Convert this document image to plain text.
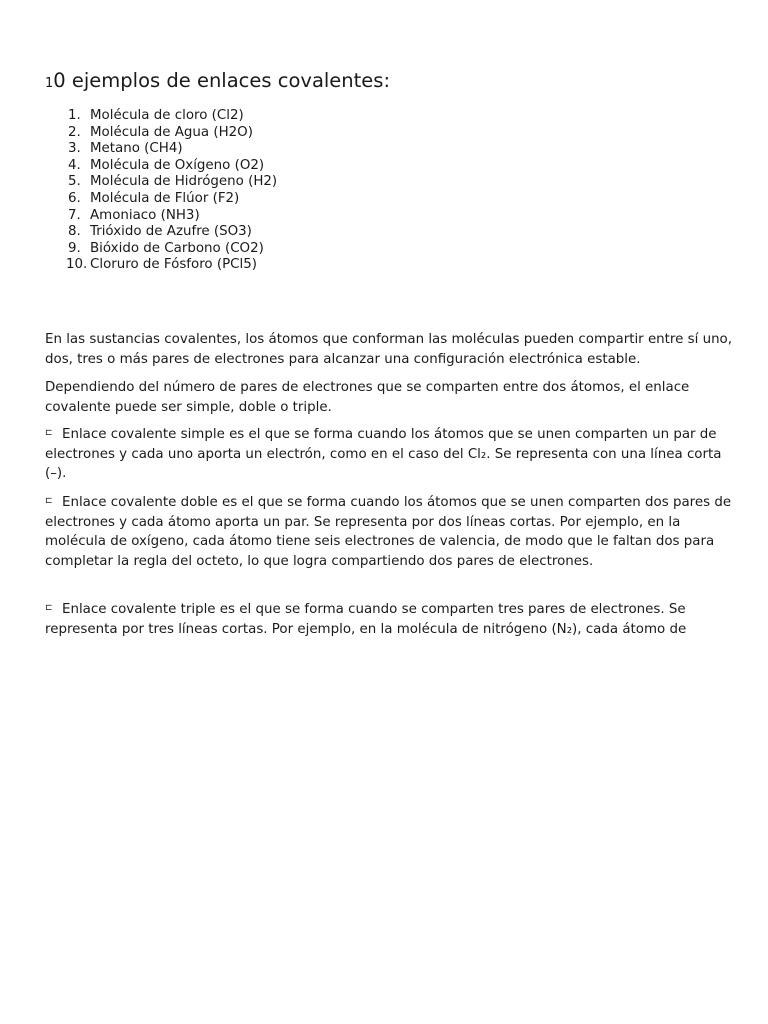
10 ejemplos de enlaces covalentes:
1. Molécula de cloro (Cl2)
2. Molécula de Agua (H2O)
3. Metano (CH4)
4. Molécula de Oxígeno (O2)
5. Molécula de Hidrógeno (H2)
6. Molécula de Flúor (F2)
7. Amoniaco (NH3)
8. Trióxido de Azufre (SO3)
9. Bióxido de Carbono (CO2)
10. Cloruro de Fósforo (PCl5)

En las sustancias covalentes, los átomos que conforman las moléculas pueden compartir entre sí uno, dos, tres o más pares de electrones para alcanzar una configuración electrónica estable.

Dependiendo del número de pares de electrones que se comparten entre dos átomos, el enlace covalente puede ser simple, doble o triple.

⊏ Enlace covalente simple es el que se forma cuando los átomos que se unen comparten un par de electrones y cada uno aporta un electrón, como en el caso del Cl₂. Se representa con una línea corta (–).

⊏ Enlace covalente doble es el que se forma cuando los átomos que se unen comparten dos pares de electrones y cada átomo aporta un par. Se representa por dos líneas cortas. Por ejemplo, en la molécula de oxígeno, cada átomo tiene seis electrones de valencia, de modo que le faltan dos para completar la regla del octeto, lo que logra compartiendo dos pares de electrones.

⊏ Enlace covalente triple es el que se forma cuando se comparten tres pares de electrones. Se representa por tres líneas cortas. Por ejemplo, en la molécula de nitrógeno (N₂), cada átomo de
